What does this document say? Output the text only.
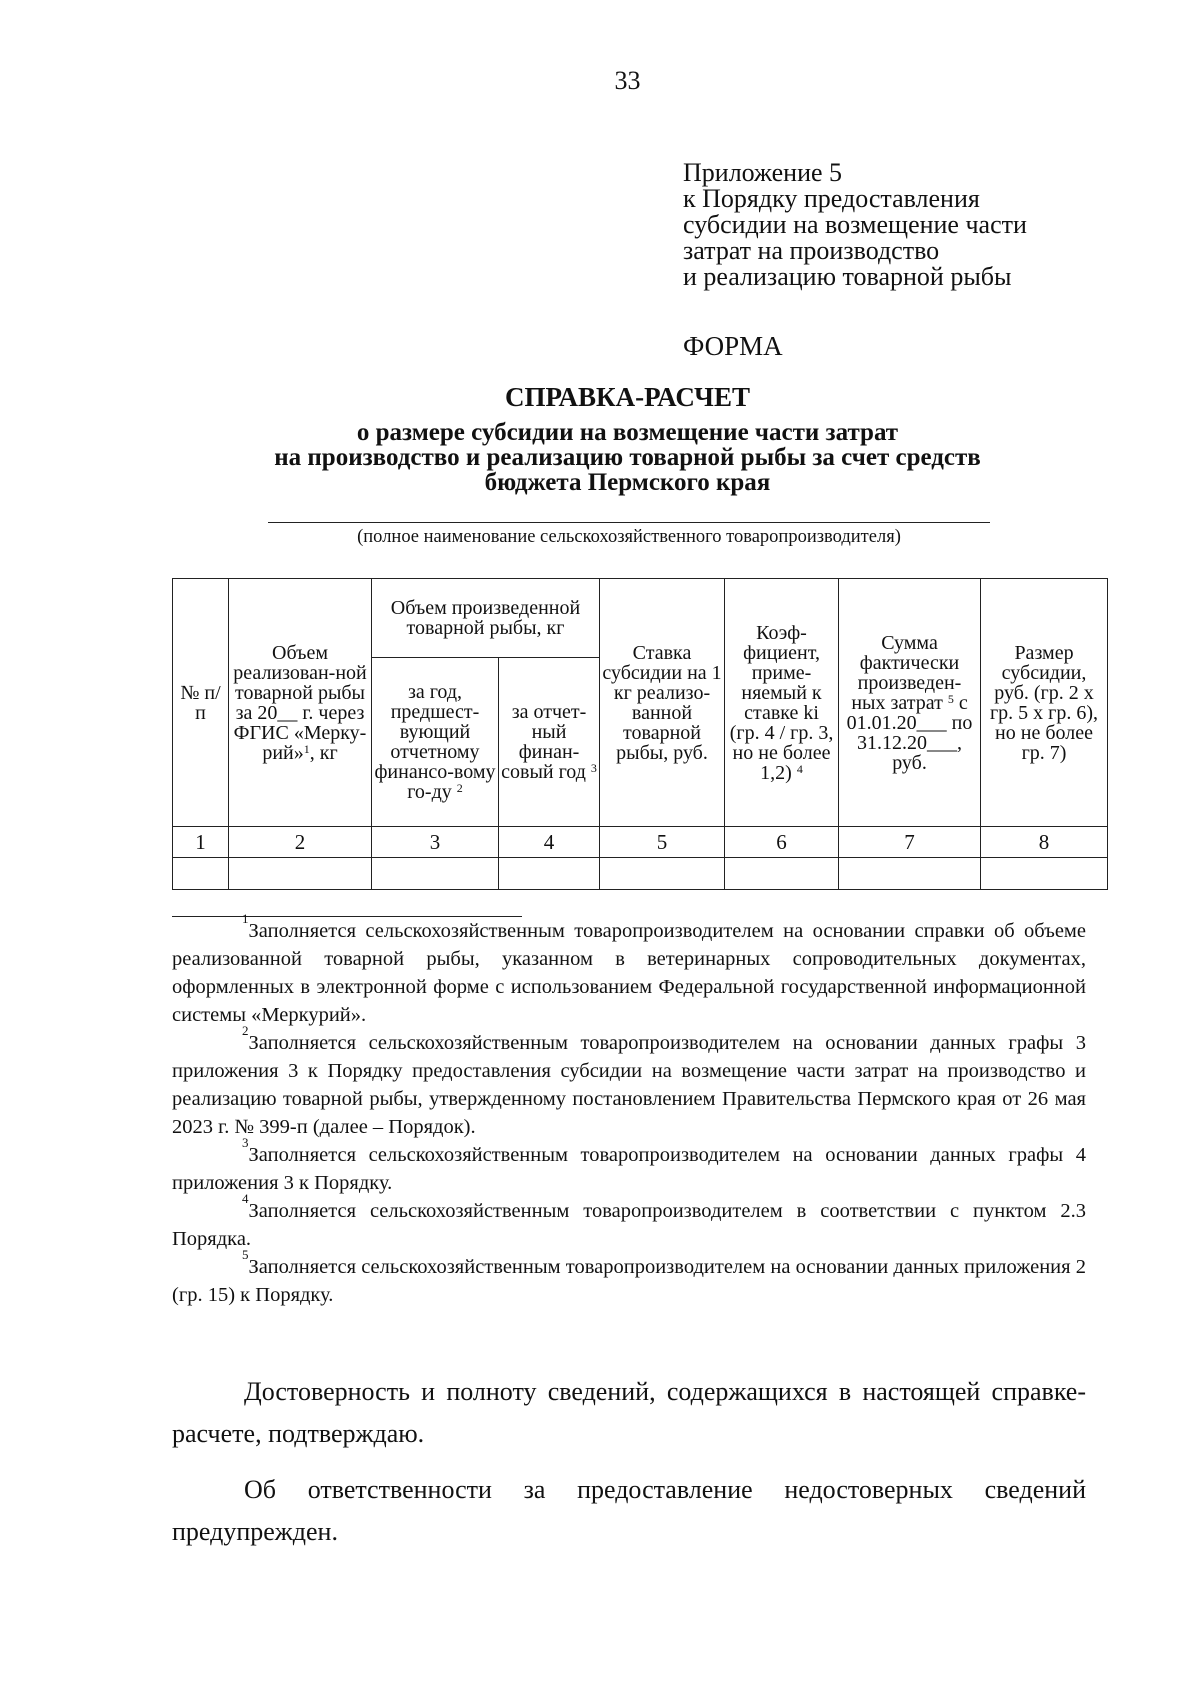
33
Приложение 5
к Порядку предоставления
субсидии на возмещение части
затрат на производство
и реализацию товарной рыбы
ФОРМА
СПРАВКА-РАСЧЕТ
о размере субсидии на возмещение части затрат
на производство и реализацию товарной рыбы за счет средств
бюджета Пермского края
(полное наименование сельскохозяйственного товаропроизводителя)
№ п/п	Объем реализован-ной товарной рыбы за 20__ г. через ФГИС «Мерку-рий»$^1$, кг	Объем произведенной товарной рыбы, кг		Ставка субсидии на 1 кг реализо-ванной товарной рыбы, руб.	Коэф-фициент, приме-няемый к ставке ki (гр. 4 / гр. 3, но не более 1,2) $^4$	Сумма фактически произведен-ных затрат $^5$ с 01.01.20___ по 31.12.20___, руб.	Размер субсидии, руб. (гр. 2 х гр. 5 х гр. 6), но не более гр. 7)
		за год, предшест-вующий отчетному финансо-вому го-ду $^2$	за отчет-ный финан-совый год $^3$
1	2	3	4	5	6	7	8

$^1$Заполняется сельскохозяйственным товаропроизводителем на основании справки об объеме реализованной товарной рыбы, указанном в ветеринарных сопроводительных документах, оформленных в электронной форме с использованием Федеральной государственной информационной системы «Меркурий».
$^2$Заполняется сельскохозяйственным товаропроизводителем на основании данных графы 3 приложения 3 к Порядку предоставления субсидии на возмещение части затрат на производство и реализацию товарной рыбы, утвержденному постановлением Правительства Пермского края от 26 мая 2023 г. № 399-п (далее – Порядок).
$^3$Заполняется сельскохозяйственным товаропроизводителем на основании данных графы 4 приложения 3 к Порядку.
$^4$Заполняется сельскохозяйственным товаропроизводителем в соответствии с пунктом 2.3 Порядка.
$^5$Заполняется сельскохозяйственным товаропроизводителем на основании данных приложения 2 (гр. 15) к Порядку.

Достоверность и полноту сведений, содержащихся в настоящей справке-расчете, подтверждаю.

Об ответственности за предоставление недостоверных сведений предупрежден.
